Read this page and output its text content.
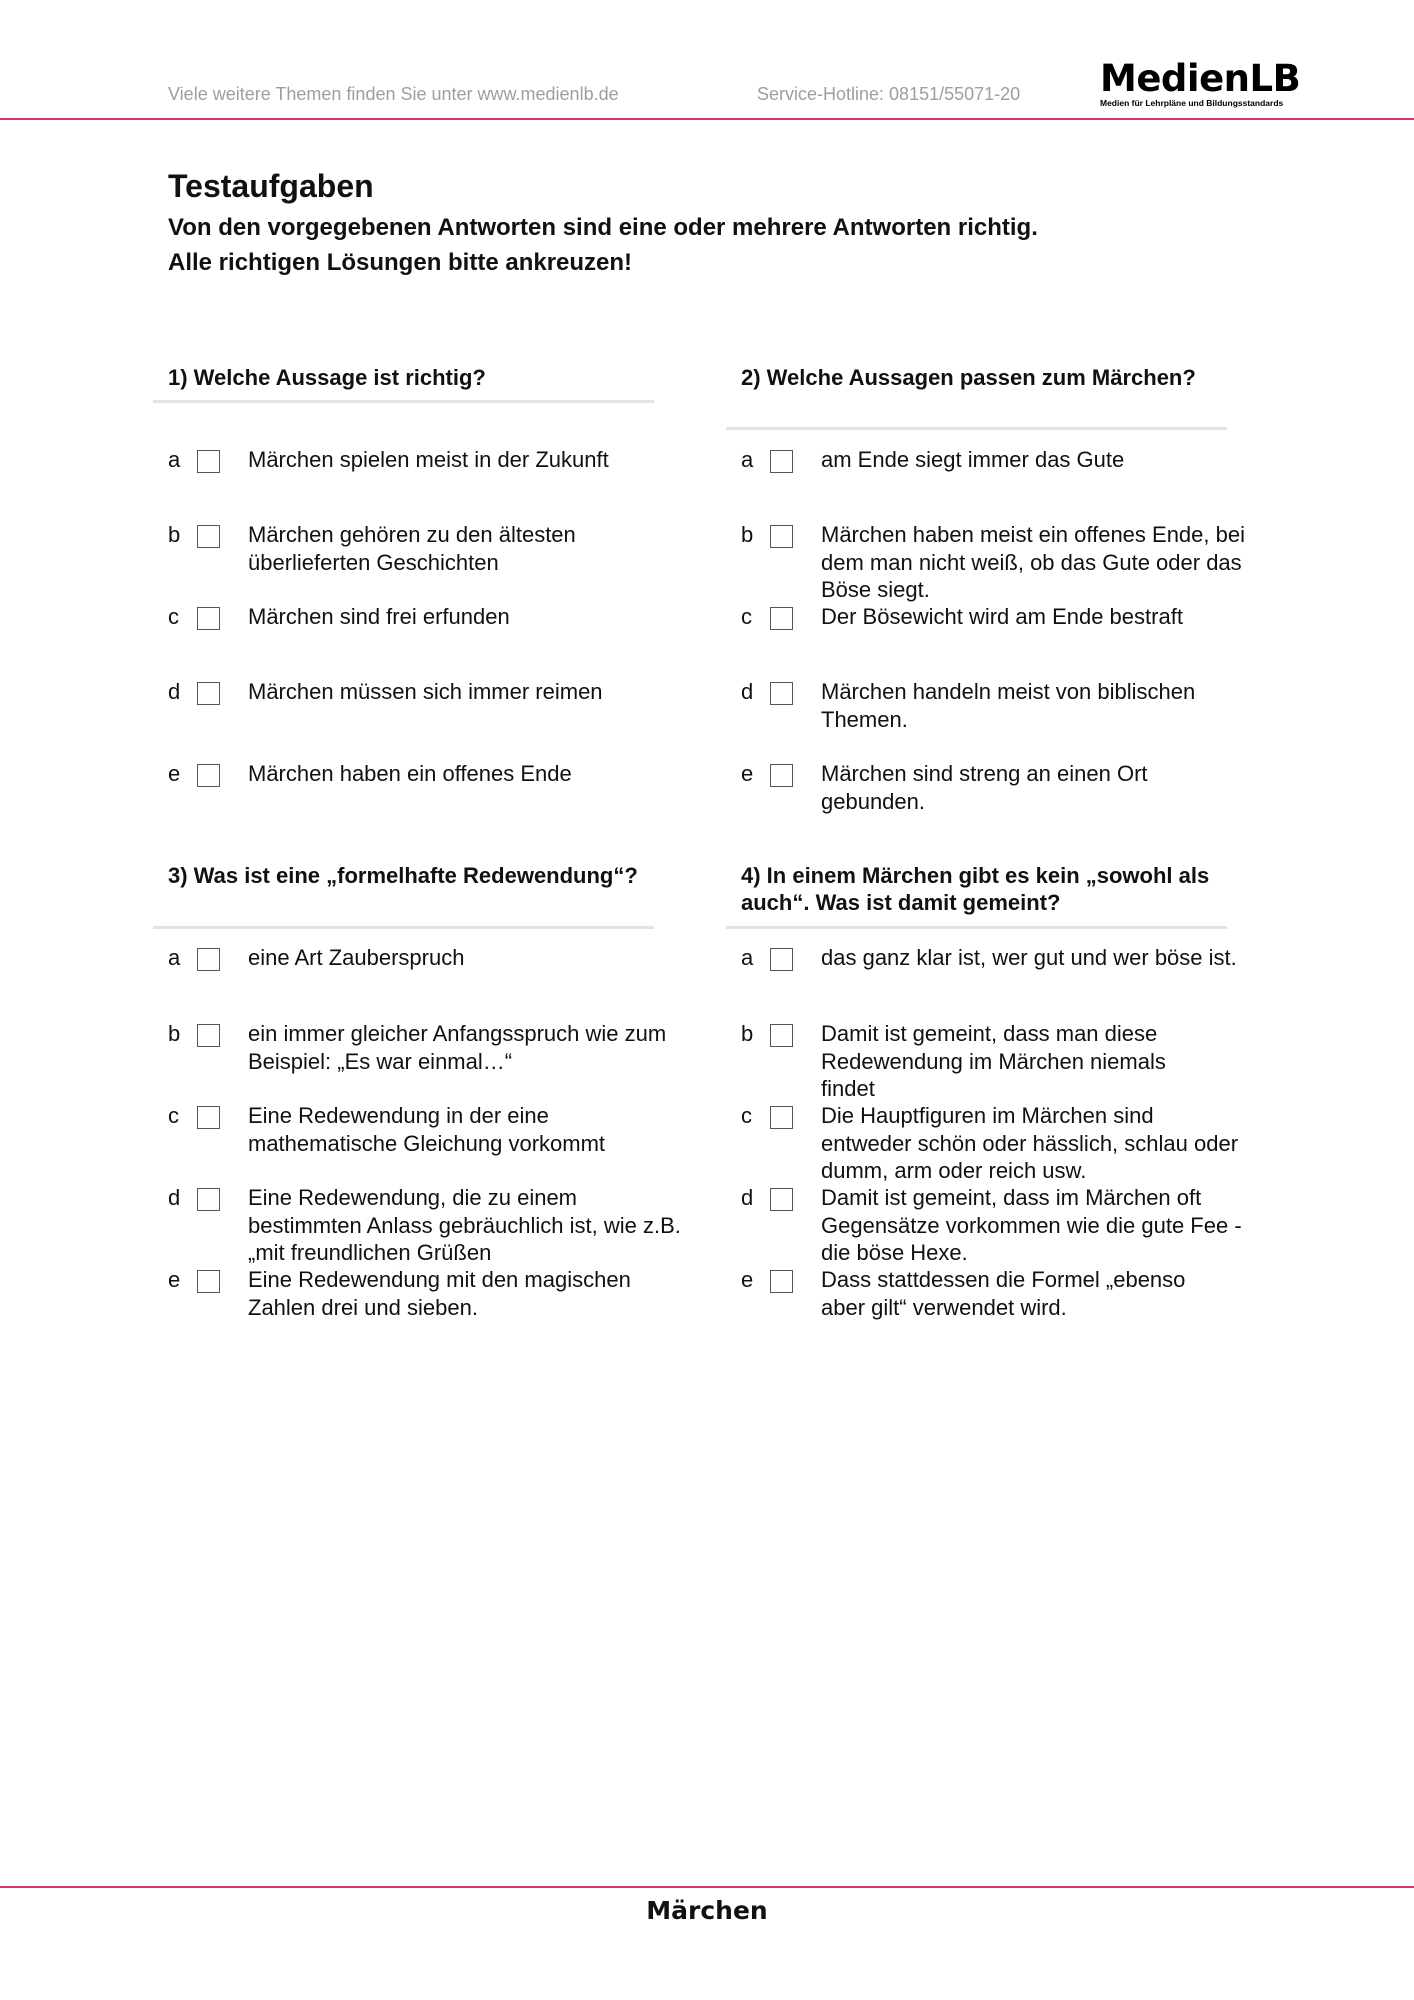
Viele weitere Themen finden Sie unter www.medienlb.de	Service-Hotline: 08151/55071-20 MedienLB
Medien für Lehrpläne und Bildungsstandards
Testaufgaben
Von den vorgegebenen Antworten sind eine oder mehrere Antworten richtig.
Alle richtigen Lösungen bitte ankreuzen!
1) Welche Aussage ist richtig?
a	Märchen spielen meist in der Zukunft
b	Märchen gehören zu den ältesten überlieferten Geschichten
c	Märchen sind frei erfunden
d	Märchen müssen sich immer reimen
e	Märchen haben ein offenes Ende
2) Welche Aussagen passen zum Märchen?
a	am Ende siegt immer das Gute
b	Märchen haben meist ein offenes Ende, bei dem man nicht weiß, ob das Gute oder das Böse siegt.
c	Der Bösewicht wird am Ende bestraft
d	Märchen handeln meist von biblischen Themen.
e	Märchen sind streng an einen Ort gebunden.
3) Was ist eine „formelhafte Redewendung“?
a	eine Art Zauberspruch
b	ein immer gleicher Anfangsspruch wie zum Beispiel: „Es war einmal…“
c	Eine Redewendung in der eine mathematische Gleichung vorkommt
d	Eine Redewendung, die zu einem bestimmten Anlass gebräuchlich ist, wie z.B. „mit freundlichen Grüßen
e	Eine Redewendung mit den magischen Zahlen drei und sieben.
4) In einem Märchen gibt es kein „sowohl als auch“. Was ist damit gemeint?
a	das ganz klar ist, wer gut und wer böse ist.
b	Damit ist gemeint, dass man diese Redewendung im Märchen niemals findet
c	Die Hauptfiguren im Märchen sind entweder schön oder hässlich, schlau oder dumm, arm oder reich usw.
d	Damit ist gemeint, dass im Märchen oft Gegensätze vorkommen wie die gute Fee - die böse Hexe.
e	Dass stattdessen die Formel „ebenso aber gilt“ verwendet wird.
Märchen
